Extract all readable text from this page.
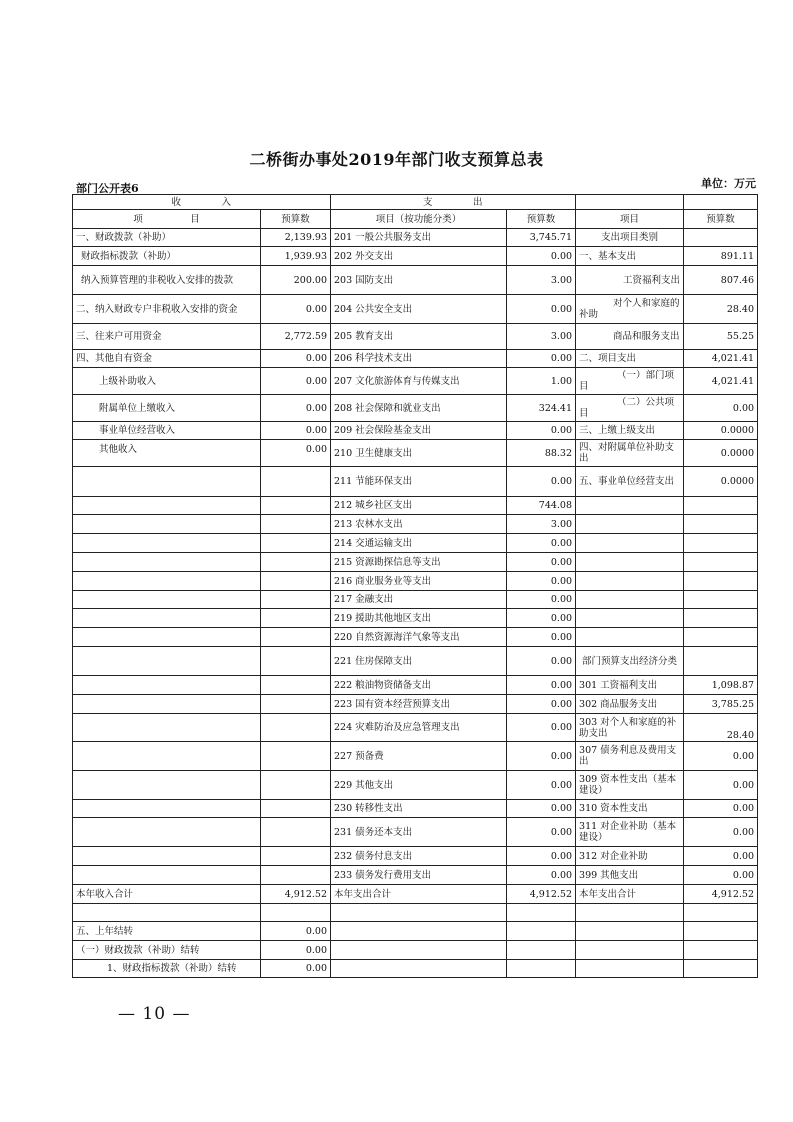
二桥街办事处2019年部门收支预算总表
部门公开表6	单位：万元
收　　　　入		支　　　　出			
项　　　　　目	预算数	项目（按功能分类）	预算数	项目	预算数
一、财政拨款（补助）	2,139.93	201 一般公共服务支出	3,745.71	支出项目类别	
财政指标拨款（补助）	1,939.93	202 外交支出	0.00	一、基本支出	891.11
纳入预算管理的非税收入安排的拨款	200.00	203 国防支出	3.00	工资福利支出	807.46
二、纳入财政专户非税收入安排的资金	0.00	204 公共安全支出	0.00	对个人和家庭的补助	28.40
三、往来户可用资金	2,772.59	205 教育支出	3.00	商品和服务支出	55.25
四、其他自有资金	0.00	206 科学技术支出	0.00	二、项目支出	4,021.41
上级补助收入	0.00	207 文化旅游体育与传媒支出	1.00	（一）部门项目	4,021.41
附属单位上缴收入	0.00	208 社会保障和就业支出	324.41	（二）公共项目	0.00
事业单位经营收入	0.00	209 社会保险基金支出	0.00	三、上缴上级支出	0.0000
其他收入	0.00	210 卫生健康支出	88.32	四、对附属单位补助支出	0.0000
		211 节能环保支出	0.00	五、事业单位经营支出	0.0000
		212 城乡社区支出	744.08		
		213 农林水支出	3.00		
		214 交通运输支出	0.00		
		215 资源勘探信息等支出	0.00		
		216 商业服务业等支出	0.00		
		217 金融支出	0.00		
		219 援助其他地区支出	0.00		
		220 自然资源海洋气象等支出	0.00		
		221 住房保障支出	0.00	部门预算支出经济分类	
		222 粮油物资储备支出	0.00	301 工资福利支出	1,098.87
		223 国有资本经营预算支出	0.00	302 商品服务支出	3,785.25
		224 灾难防治及应急管理支出	0.00	303 对个人和家庭的补助支出	28.40
		227 预备费	0.00	307 债务利息及费用支出	0.00
		229 其他支出	0.00	309 资本性支出（基本建设）	0.00
		230 转移性支出	0.00	310 资本性支出	0.00
		231 债务还本支出	0.00	311 对企业补助（基本建设）	0.00
		232 债务付息支出	0.00	312 对企业补助	0.00
		233 债务发行费用支出	0.00	399 其他支出	0.00
本年收入合计	4,912.52	本年支出合计	4,912.52	本年支出合计	4,912.52

五、上年结转	0.00				
（一）财政拨款（补助）结转	0.00				
1、财政指标拨款（补助）结转	0.00				
— 10 —
